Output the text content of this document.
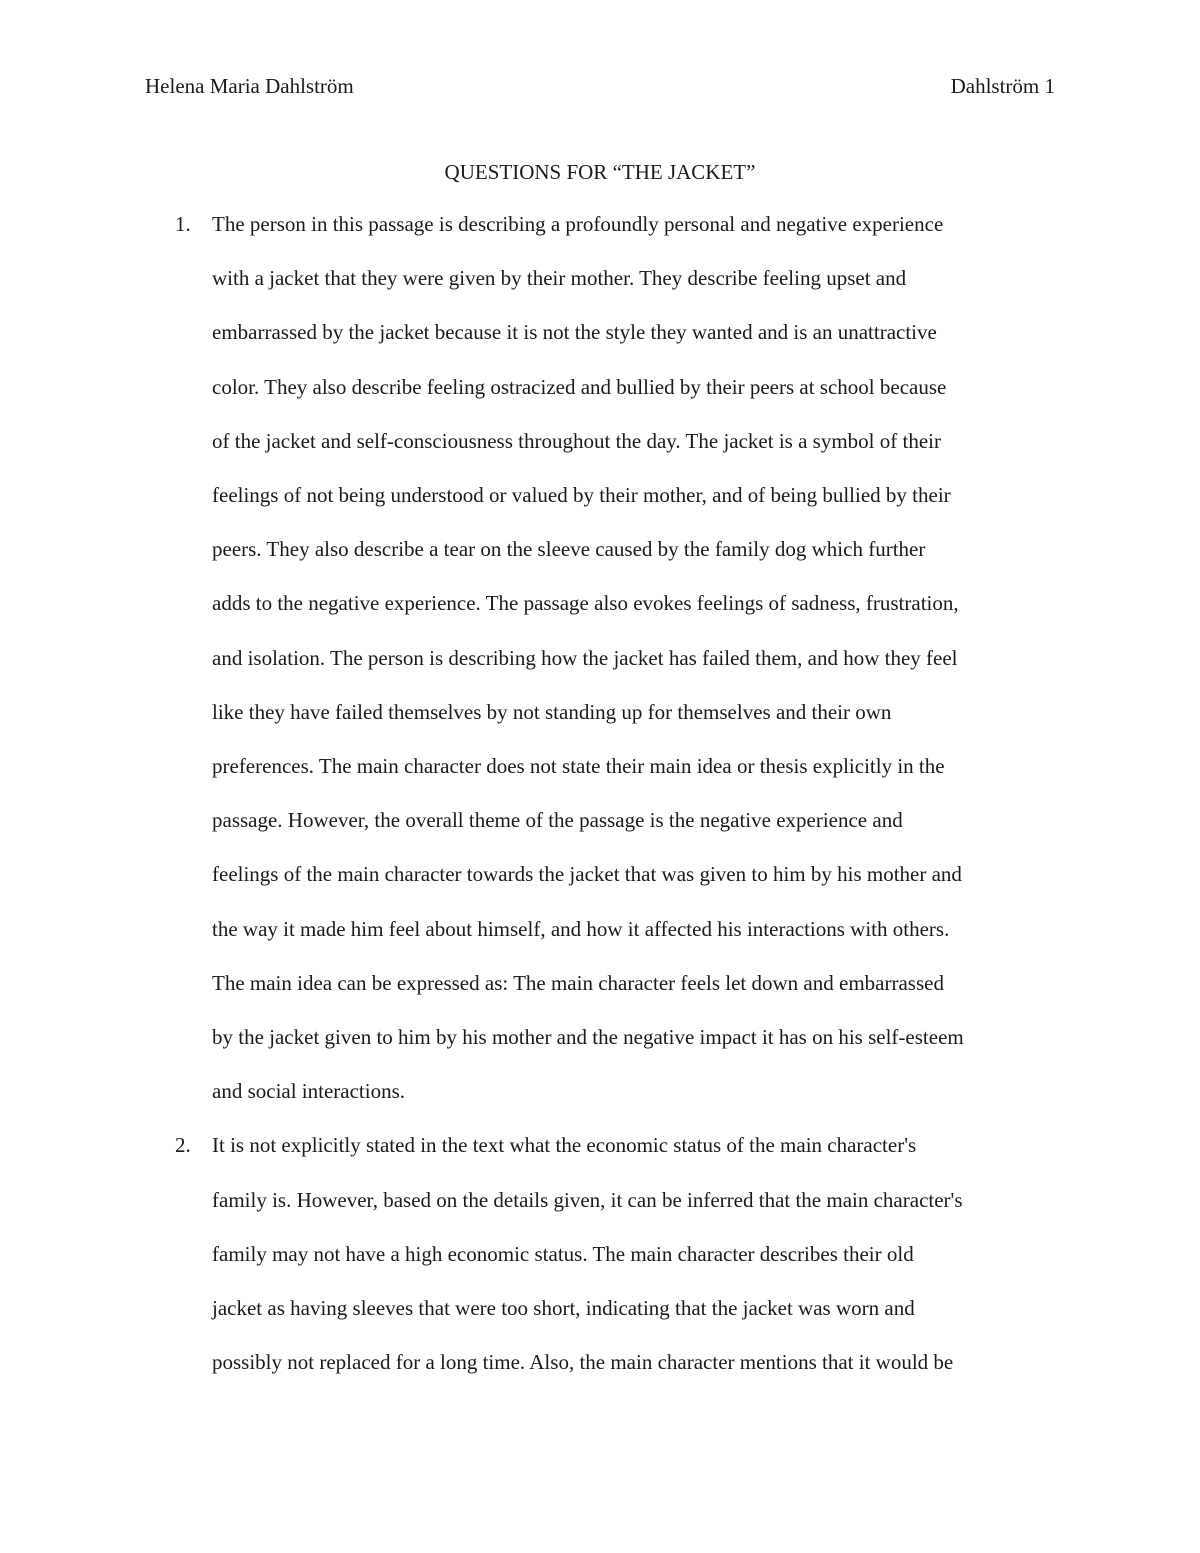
Helena Maria Dahlström	Dahlström 1
QUESTIONS FOR “THE JACKET”
1. The person in this passage is describing a profoundly personal and negative experience
with a jacket that they were given by their mother. They describe feeling upset and
embarrassed by the jacket because it is not the style they wanted and is an unattractive
color. They also describe feeling ostracized and bullied by their peers at school because
of the jacket and self-consciousness throughout the day. The jacket is a symbol of their
feelings of not being understood or valued by their mother, and of being bullied by their
peers. They also describe a tear on the sleeve caused by the family dog which further
adds to the negative experience. The passage also evokes feelings of sadness, frustration,
and isolation. The person is describing how the jacket has failed them, and how they feel
like they have failed themselves by not standing up for themselves and their own
preferences. The main character does not state their main idea or thesis explicitly in the
passage. However, the overall theme of the passage is the negative experience and
feelings of the main character towards the jacket that was given to him by his mother and
the way it made him feel about himself, and how it affected his interactions with others.
The main idea can be expressed as: The main character feels let down and embarrassed
by the jacket given to him by his mother and the negative impact it has on his self-esteem
and social interactions.
2. It is not explicitly stated in the text what the economic status of the main character's
family is. However, based on the details given, it can be inferred that the main character's
family may not have a high economic status. The main character describes their old
jacket as having sleeves that were too short, indicating that the jacket was worn and
possibly not replaced for a long time. Also, the main character mentions that it would be
